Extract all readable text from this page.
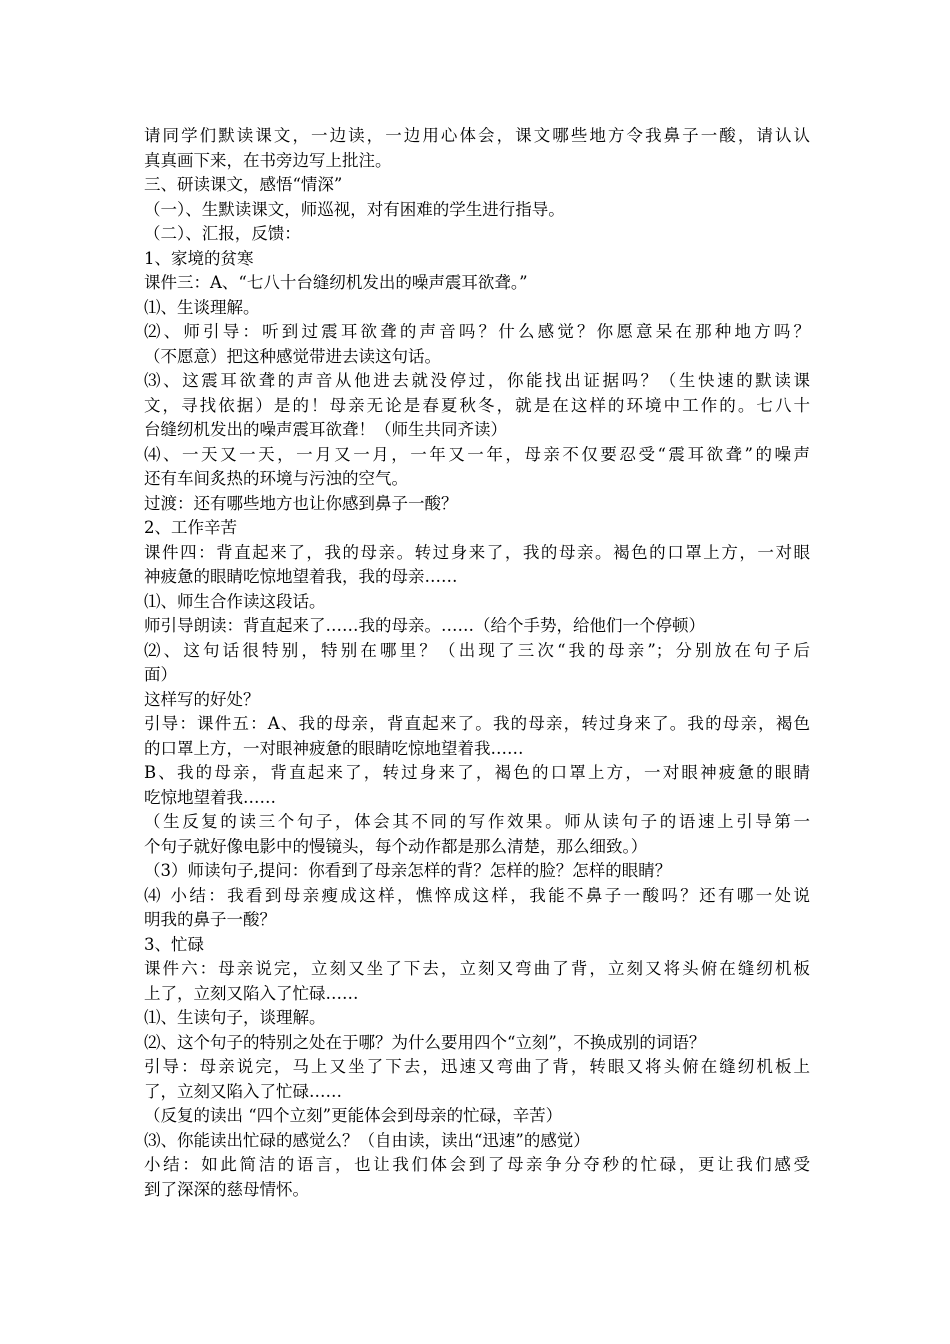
请同学们默读课文，一边读，一边用心体会，课文哪些地方令我鼻子一酸，请认认
真真画下来，在书旁边写上批注。
三、研读课文，感悟“情深”
（一）、生默读课文，师巡视，对有困难的学生进行指导。
（二）、汇报，反馈：
1、家境的贫寒
课件三：A、“七八十台缝纫机发出的噪声震耳欲聋。”
⑴、生谈理解。
⑵、师引导：听到过震耳欲聋的声音吗？什么感觉？你愿意呆在那种地方吗？
（不愿意）把这种感觉带进去读这句话。
⑶、这震耳欲聋的声音从他进去就没停过，你能找出证据吗？（生快速的默读课
文，寻找依据）是的！母亲无论是春夏秋冬，就是在这样的环境中工作的。七八十
台缝纫机发出的噪声震耳欲聋！（师生共同齐读）
⑷、一天又一天，一月又一月，一年又一年，母亲不仅要忍受“震耳欲聋”的噪声
还有车间炙热的环境与污浊的空气。
过渡：还有哪些地方也让你感到鼻子一酸？
2、工作辛苦
课件四：背直起来了，我的母亲。转过身来了，我的母亲。褐色的口罩上方，一对眼
神疲惫的眼睛吃惊地望着我，我的母亲……
⑴、师生合作读这段话。
师引导朗读：背直起来了……我的母亲。……（给个手势，给他们一个停顿）
⑵、这句话很特别，特别在哪里？（出现了三次“我的母亲”；分别放在句子后
面）
这样写的好处？
引导：课件五：A、我的母亲，背直起来了。我的母亲，转过身来了。我的母亲，褐色
的口罩上方，一对眼神疲惫的眼睛吃惊地望着我……
B、我的母亲，背直起来了，转过身来了，褐色的口罩上方，一对眼神疲惫的眼睛
吃惊地望着我……
（生反复的读三个句子，体会其不同的写作效果。师从读句子的语速上引导第一
个句子就好像电影中的慢镜头，每个动作都是那么清楚，那么细致。）
（3）师读句子,提问：你看到了母亲怎样的背？怎样的脸？怎样的眼睛？
⑷ 小结：我看到母亲瘦成这样，憔悴成这样，我能不鼻子一酸吗？还有哪一处说
明我的鼻子一酸？
3、忙碌
课件六：母亲说完，立刻又坐了下去，立刻又弯曲了背，立刻又将头俯在缝纫机板
上了，立刻又陷入了忙碌……
⑴、生读句子，谈理解。
⑵、这个句子的特别之处在于哪？为什么要用四个“立刻”，不换成别的词语？
引导：母亲说完，马上又坐了下去，迅速又弯曲了背，转眼又将头俯在缝纫机板上
了，立刻又陷入了忙碌……
（反复的读出 “四个立刻”更能体会到母亲的忙碌，辛苦）
⑶、你能读出忙碌的感觉么？（自由读，读出“迅速”的感觉）
小结：如此简洁的语言，也让我们体会到了母亲争分夺秒的忙碌，更让我们感受
到了深深的慈母情怀。
